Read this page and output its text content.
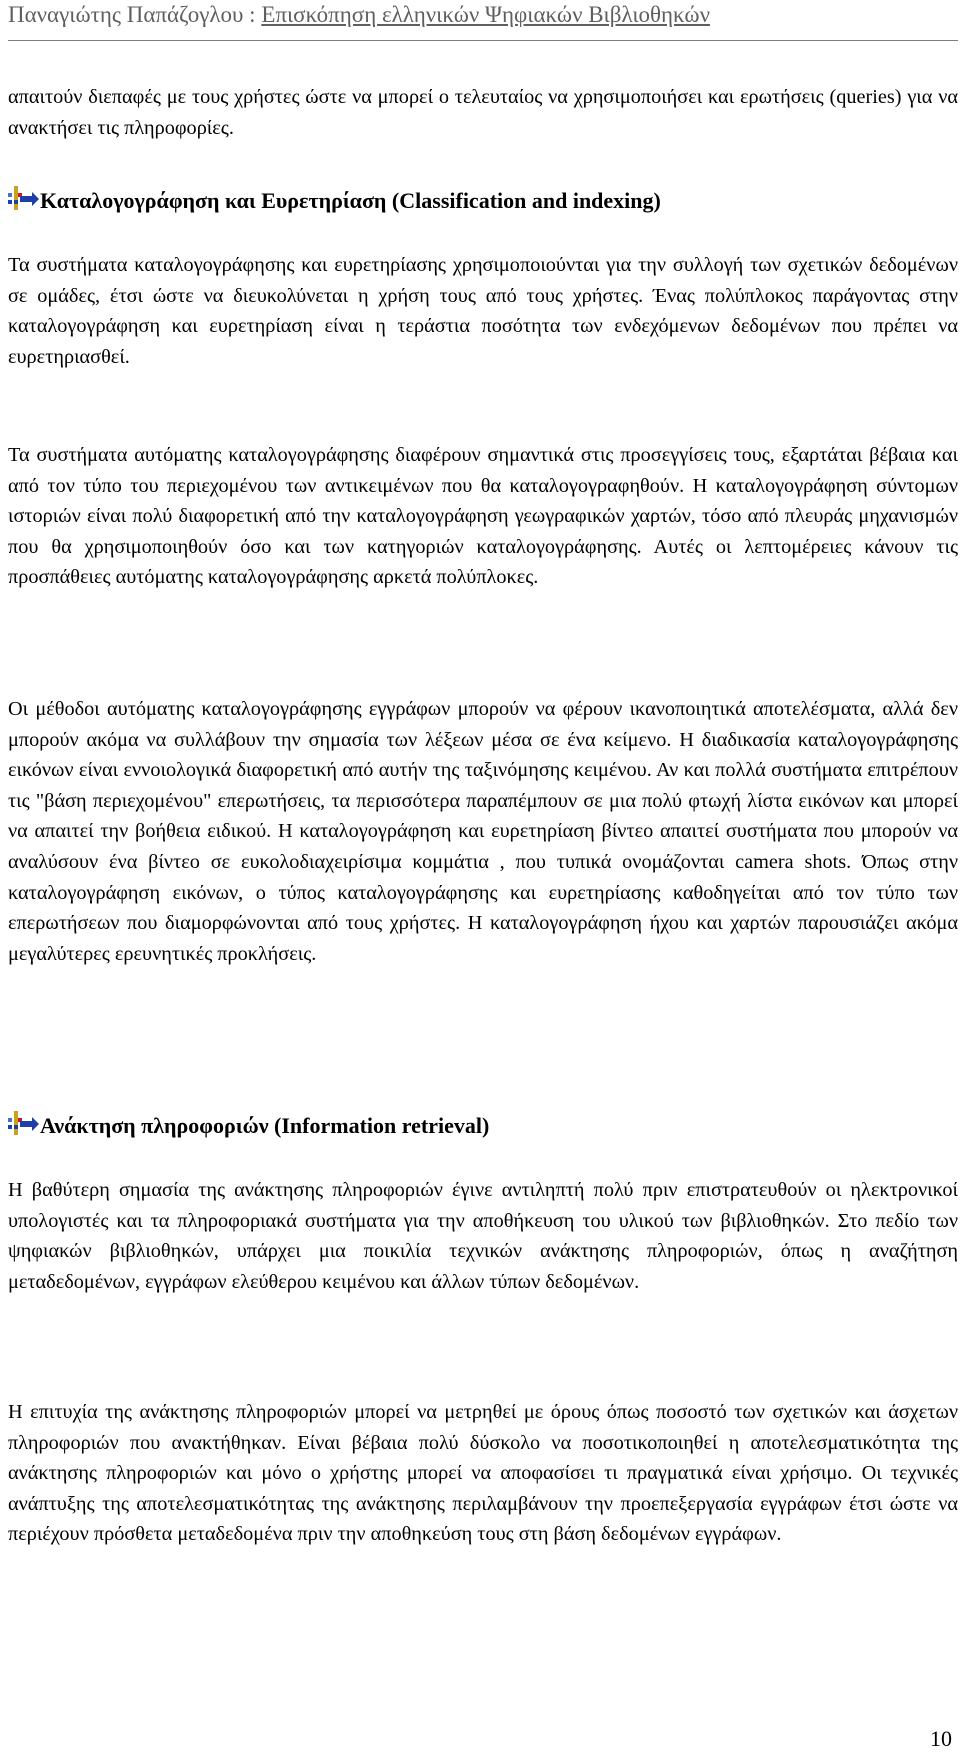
Παναγιώτης Παπάζογλου : Επισκόπηση ελληνικών Ψηφιακών Βιβλιοθηκών

απαιτούν διεπαφές με τους χρήστες ώστε να μπορεί ο τελευταίος να χρησιμοποιήσει και ερωτήσεις (queries) για να ανακτήσει τις πληροφορίες.

Καταλογογράφηση και Ευρετηρίαση (Classification and indexing)

Τα συστήματα καταλογογράφησης και ευρετηρίασης χρησιμοποιούνται για την συλλογή των σχετικών δεδομένων σε ομάδες, έτσι ώστε να διευκολύνεται η χρήση τους από τους χρήστες. Ένας πολύπλοκος παράγοντας στην καταλογογράφηση και ευρετηρίαση είναι η τεράστια ποσότητα των ενδεχόμενων δεδομένων που πρέπει να ευρετηριασθεί.

Τα συστήματα αυτόματης καταλογογράφησης διαφέρουν σημαντικά στις προσεγγίσεις τους, εξαρτάται βέβαια και από τον τύπο του περιεχομένου των αντικειμένων που θα καταλογογραφηθούν. Η καταλογογράφηση σύντομων ιστοριών είναι πολύ διαφορετική από την καταλογογράφηση γεωγραφικών χαρτών, τόσο από πλευράς μηχανισμών που θα χρησιμοποιηθούν όσο και των κατηγοριών καταλογογράφησης. Αυτές οι λεπτομέρειες κάνουν τις προσπάθειες αυτόματης καταλογογράφησης αρκετά πολύπλοκες.

Οι μέθοδοι αυτόματης καταλογογράφησης εγγράφων μπορούν να φέρουν ικανοποιητικά αποτελέσματα, αλλά δεν μπορούν ακόμα να συλλάβουν την σημασία των λέξεων μέσα σε ένα κείμενο. Η διαδικασία καταλογογράφησης εικόνων είναι εννοιολογικά διαφορετική από αυτήν της ταξινόμησης κειμένου. Αν και πολλά συστήματα επιτρέπουν τις "βάση περιεχομένου" επερωτήσεις, τα περισσότερα παραπέμπουν σε μια πολύ φτωχή λίστα εικόνων και μπορεί να απαιτεί την βοήθεια ειδικού. Η καταλογογράφηση και ευρετηρίαση βίντεο απαιτεί συστήματα που μπορούν να αναλύσουν ένα βίντεο σε ευκολοδιαχειρίσιμα κομμάτια , που τυπικά ονομάζονται camera shots. Όπως στην καταλογογράφηση εικόνων, ο τύπος καταλογογράφησης και ευρετηρίασης καθοδηγείται από τον τύπο των επερωτήσεων που διαμορφώνονται από τους χρήστες. Η καταλογογράφηση ήχου και χαρτών παρουσιάζει ακόμα μεγαλύτερες ερευνητικές προκλήσεις.

Ανάκτηση πληροφοριών (Information retrieval)

Η βαθύτερη σημασία της ανάκτησης πληροφοριών έγινε αντιληπτή πολύ πριν επιστρατευθούν οι ηλεκτρονικοί υπολογιστές και τα πληροφοριακά συστήματα για την αποθήκευση του υλικού των βιβλιοθηκών. Στο πεδίο των ψηφιακών βιβλιοθηκών, υπάρχει μια ποικιλία τεχνικών ανάκτησης πληροφοριών, όπως η αναζήτηση μεταδεδομένων, εγγράφων ελεύθερου κειμένου και άλλων τύπων δεδομένων.

Η επιτυχία της ανάκτησης πληροφοριών μπορεί να μετρηθεί με όρους όπως ποσοστό των σχετικών και άσχετων πληροφοριών που ανακτήθηκαν. Είναι βέβαια πολύ δύσκολο να ποσοτικοποιηθεί η αποτελεσματικότητα της ανάκτησης πληροφοριών και μόνο ο χρήστης μπορεί να αποφασίσει τι πραγματικά είναι χρήσιμο. Οι τεχνικές ανάπτυξης της αποτελεσματικότητας της ανάκτησης περιλαμβάνουν την προεπεξεργασία εγγράφων έτσι ώστε να περιέχουν πρόσθετα μεταδεδομένα πριν την αποθηκεύση τους στη βάση δεδομένων εγγράφων.

10
